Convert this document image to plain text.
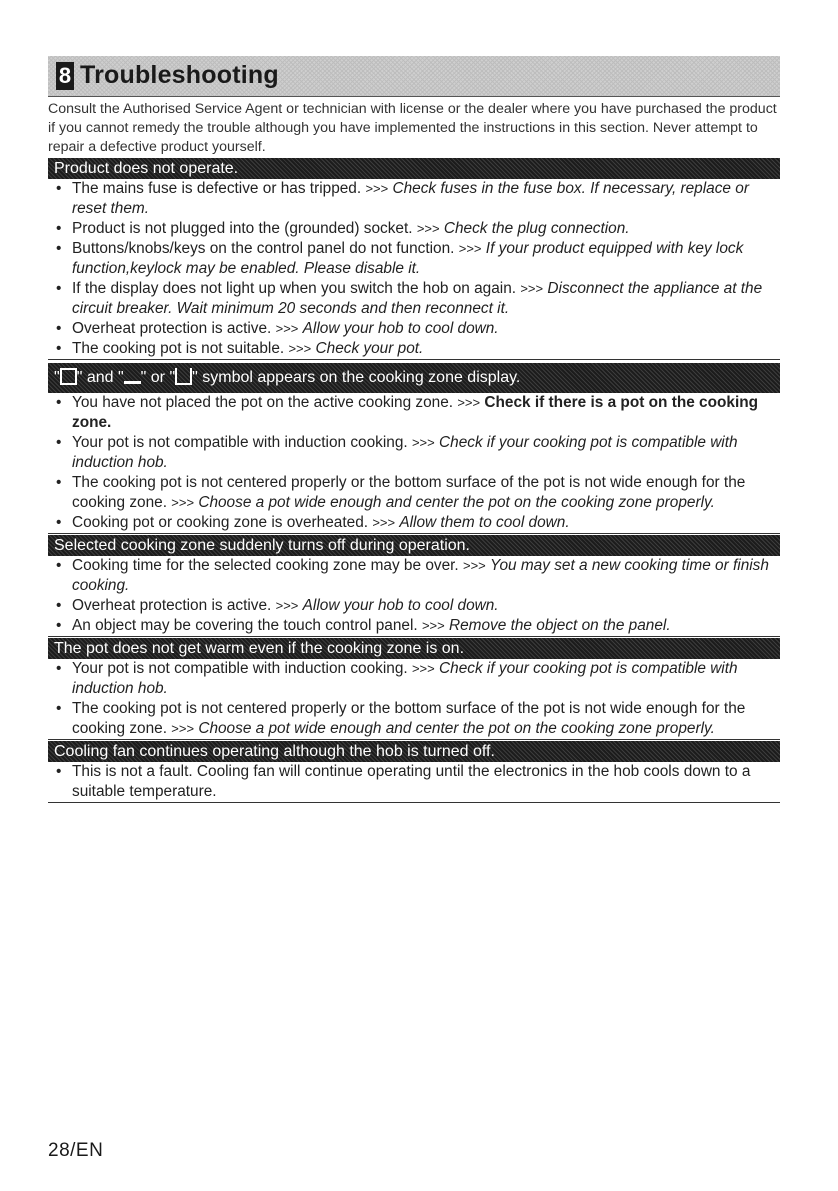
8 Troubleshooting

Consult the Authorised Service Agent or technician with license or the dealer where you have purchased the product if you cannot remedy the trouble although you have implemented the instructions in this section. Never attempt to repair a defective product yourself.

Product does not operate.
• The mains fuse is defective or has tripped. >>> Check fuses in the fuse box. If necessary, replace or reset them.
• Product is not plugged into the (grounded) socket. >>> Check the plug connection.
• Buttons/knobs/keys on the control panel do not function. >>> If your product equipped with key lock function,keylock may be enabled. Please disable it.
• If the display does not light up when you switch the hob on again. >>> Disconnect the appliance at the circuit breaker. Wait minimum 20 seconds and then reconnect it.
• Overheat protection is active. >>> Allow your hob to cool down.
• The cooking pot is not suitable. >>> Check your pot.
" " and " " or " " symbol appears on the cooking zone display.
• You have not placed the pot on the active cooking zone. >>> Check if there is a pot on the cooking zone.
• Your pot is not compatible with induction cooking. >>> Check if your cooking pot is compatible with induction hob.
• The cooking pot is not centered properly or the bottom surface of the pot is not wide enough for the cooking zone. >>> Choose a pot wide enough and center the pot on the cooking zone properly.
• Cooking pot or cooking zone is overheated. >>> Allow them to cool down.
Selected cooking zone suddenly turns off during operation.
• Cooking time for the selected cooking zone may be over. >>> You may set a new cooking time or finish cooking.
• Overheat protection is active. >>> Allow your hob to cool down.
• An object may be covering the touch control panel. >>> Remove the object on the panel.
The pot does not get warm even if the cooking zone is on.
• Your pot is not compatible with induction cooking. >>> Check if your cooking pot is compatible with induction hob.
• The cooking pot is not centered properly or the bottom surface of the pot is not wide enough for the cooking zone. >>> Choose a pot wide enough and center the pot on the cooking zone properly.
Cooling fan continues operating although the hob is turned off.
• This is not a fault. Cooling fan will continue operating until the electronics in the hob cools down to a suitable temperature.
28/EN
